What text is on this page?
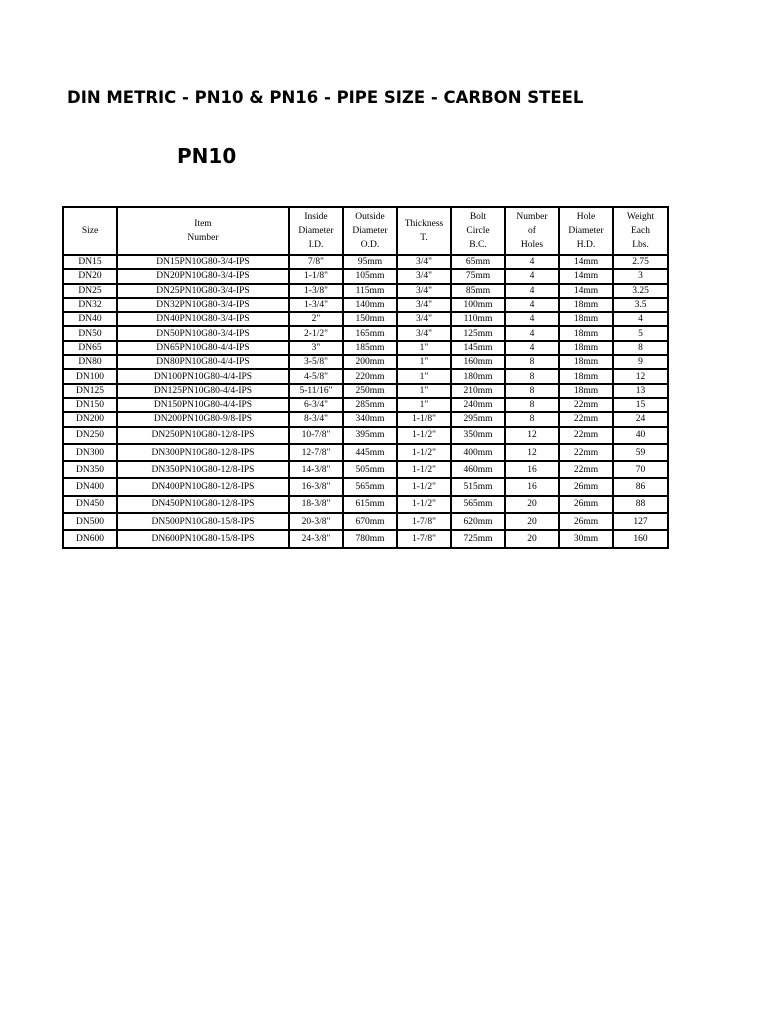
DIN METRIC - PN10 & PN16 - PIPE SIZE - CARBON STEEL
PN10
Size	Item
Number	Inside
Diameter
I.D.	Outside
Diameter
O.D.	Thickness
T.	Bolt
Circle
B.C.	Number
of
Holes	Hole
Diameter
H.D.	Weight
Each
Lbs.
DN15	DN15PN10G80-3/4-IPS	7/8"	95mm	3/4"	65mm	4	14mm	2.75
DN20	DN20PN10G80-3/4-IPS	1-1/8"	105mm	3/4"	75mm	4	14mm	3
DN25	DN25PN10G80-3/4-IPS	1-3/8"	115mm	3/4"	85mm	4	14mm	3.25
DN32	DN32PN10G80-3/4-IPS	1-3/4"	140mm	3/4"	100mm	4	18mm	3.5
DN40	DN40PN10G80-3/4-IPS	2"	150mm	3/4"	110mm	4	18mm	4
DN50	DN50PN10G80-3/4-IPS	2-1/2"	165mm	3/4"	125mm	4	18mm	5
DN65	DN65PN10G80-4/4-IPS	3"	185mm	1"	145mm	4	18mm	8
DN80	DN80PN10G80-4/4-IPS	3-5/8"	200mm	1"	160mm	8	18mm	9
DN100	DN100PN10G80-4/4-IPS	4-5/8"	220mm	1"	180mm	8	18mm	12
DN125	DN125PN10G80-4/4-IPS	5-11/16"	250mm	1"	210mm	8	18mm	13
DN150	DN150PN10G80-4/4-IPS	6-3/4"	285mm	1"	240mm	8	22mm	15
DN200	DN200PN10G80-9/8-IPS	8-3/4"	340mm	1-1/8"	295mm	8	22mm	24
DN250	DN250PN10G80-12/8-IPS	10-7/8"	395mm	1-1/2"	350mm	12	22mm	40
DN300	DN300PN10G80-12/8-IPS	12-7/8"	445mm	1-1/2"	400mm	12	22mm	59
DN350	DN350PN10G80-12/8-IPS	14-3/8"	505mm	1-1/2"	460mm	16	22mm	70
DN400	DN400PN10G80-12/8-IPS	16-3/8"	565mm	1-1/2"	515mm	16	26mm	86
DN450	DN450PN10G80-12/8-IPS	18-3/8"	615mm	1-1/2"	565mm	20	26mm	88
DN500	DN500PN10G80-15/8-IPS	20-3/8"	670mm	1-7/8"	620mm	20	26mm	127
DN600	DN600PN10G80-15/8-IPS	24-3/8"	780mm	1-7/8"	725mm	20	30mm	160
